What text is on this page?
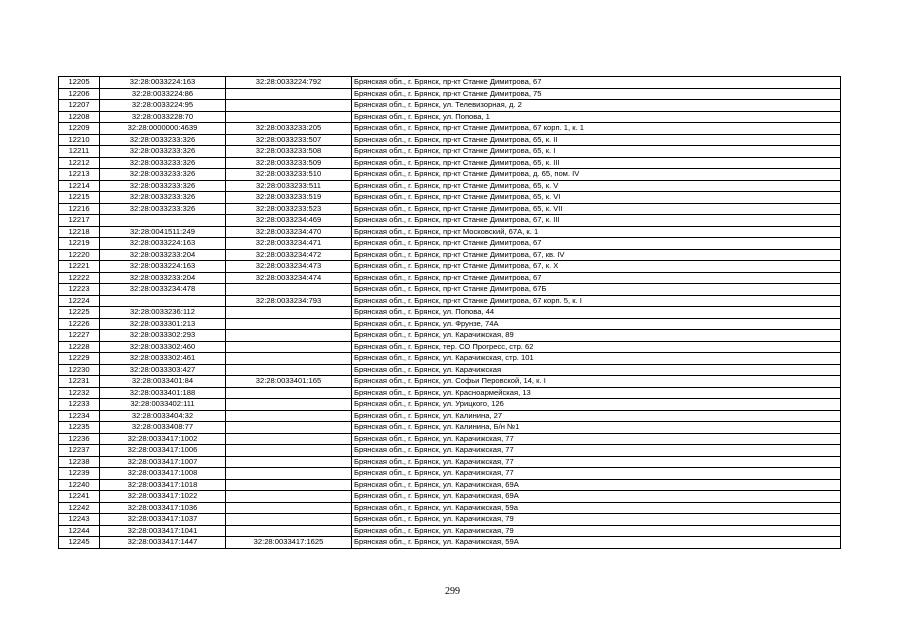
12205	32:28:0033224:163	32:28:0033224:792	Брянская обл., г. Брянск, пр-кт Станке Димитрова, 67
12206	32:28:0033224:86		Брянская обл., г. Брянск, пр-кт Станке Димитрова, 75
12207	32:28:0033224:95		Брянская обл., г. Брянск, ул. Телевизорная, д. 2
12208	32:28:0033228:70		Брянская обл., г. Брянск, ул. Попова, 1
12209	32:28:0000000:4639	32:28:0033233:205	Брянская обл., г. Брянск, пр-кт Станке Димитрова, 67 корп. 1, к. 1
12210	32:28:0033233:326	32:28:0033233:507	Брянская обл., г. Брянск, пр-кт Станке Димитрова, 65, к. II
12211	32:28:0033233:326	32:28:0033233:508	Брянская обл., г. Брянск, пр-кт Станке Димитрова, 65, к. I
12212	32:28:0033233:326	32:28:0033233:509	Брянская обл., г. Брянск, пр-кт Станке Димитрова, 65, к. III
12213	32:28:0033233:326	32:28:0033233:510	Брянская обл., г. Брянск, пр-кт Станке Димитрова, д. 65, пом. IV
12214	32:28:0033233:326	32:28:0033233:511	Брянская обл., г. Брянск, пр-кт Станке Димитрова, 65, к. V
12215	32:28:0033233:326	32:28:0033233:519	Брянская обл., г. Брянск, пр-кт Станке Димитрова, 65, к. VI
12216	32:28:0033233:326	32:28:0033233:523	Брянская обл., г. Брянск, пр-кт Станке Димитрова, 65, к. VII
12217		32:28:0033234:469	Брянская обл., г. Брянск, пр-кт Станке Димитрова, 67, к. III
12218	32:28:0041511:249	32:28:0033234:470	Брянская обл., г. Брянск, пр-кт Московский, 67А, к. 1
12219	32:28:0033224:163	32:28:0033234:471	Брянская обл., г. Брянск, пр-кт Станке Димитрова, 67
12220	32:28:0033233:204	32:28:0033234:472	Брянская обл., г. Брянск, пр-кт Станке Димитрова, 67, кв. IV
12221	32:28:0033224:163	32:28:0033234:473	Брянская обл., г. Брянск, пр-кт Станке Димитрова, 67, к. X
12222	32:28:0033233:204	32:28:0033234:474	Брянская обл., г. Брянск, пр-кт Станке Димитрова, 67
12223	32:28:0033234:478		Брянская обл., г. Брянск, пр-кт Станке Димитрова, 67Б
12224		32:28:0033234:793	Брянская обл., г. Брянск, пр-кт Станке Димитрова, 67 корп. 5, к. I
12225	32:28:0033236:112		Брянская обл., г. Брянск, ул. Попова, 44
12226	32:28:0033301:213		Брянская обл., г. Брянск, ул. Фрунзе, 74А
12227	32:28:0033302:293		Брянская обл., г. Брянск, ул. Карачижская, 89
12228	32:28:0033302:460		Брянская обл., г. Брянск, тер. СО Прогресс, стр. 62
12229	32:28:0033302:461		Брянская обл., г. Брянск, ул. Карачижская, стр. 101
12230	32:28:0033303:427		Брянская обл., г. Брянск, ул. Карачижская
12231	32:28:0033401:84	32:28:0033401:165	Брянская обл., г. Брянск, ул. Софьи Перовской, 14, к. I
12232	32:28:0033401:188		Брянская обл., г. Брянск, ул. Красноармейская, 13
12233	32:28:0033402:111		Брянская обл., г. Брянск, ул. Урицкого, 126
12234	32:28:0033404:32		Брянская обл., г. Брянск, ул. Калинина, 27
12235	32:28:0033408:77		Брянская обл., г. Брянск, ул. Калинина, Б/н №1
12236	32:28:0033417:1002		Брянская обл., г. Брянск, ул. Карачижская, 77
12237	32:28:0033417:1006		Брянская обл., г. Брянск, ул. Карачижская, 77
12238	32:28:0033417:1007		Брянская обл., г. Брянск, ул. Карачижская, 77
12239	32:28:0033417:1008		Брянская обл., г. Брянск, ул. Карачижская, 77
12240	32:28:0033417:1018		Брянская обл., г. Брянск, ул. Карачижская, 69А
12241	32:28:0033417:1022		Брянская обл., г. Брянск, ул. Карачижская, 69А
12242	32:28:0033417:1036		Брянская обл., г. Брянск, ул. Карачижская, 59а
12243	32:28:0033417:1037		Брянская обл., г. Брянск, ул. Карачижская, 79
12244	32:28:0033417:1041		Брянская обл., г. Брянск, ул. Карачижская, 79
12245	32:28:0033417:1447	32:28:0033417:1625	Брянская обл., г. Брянск, ул. Карачижская, 59А
299
